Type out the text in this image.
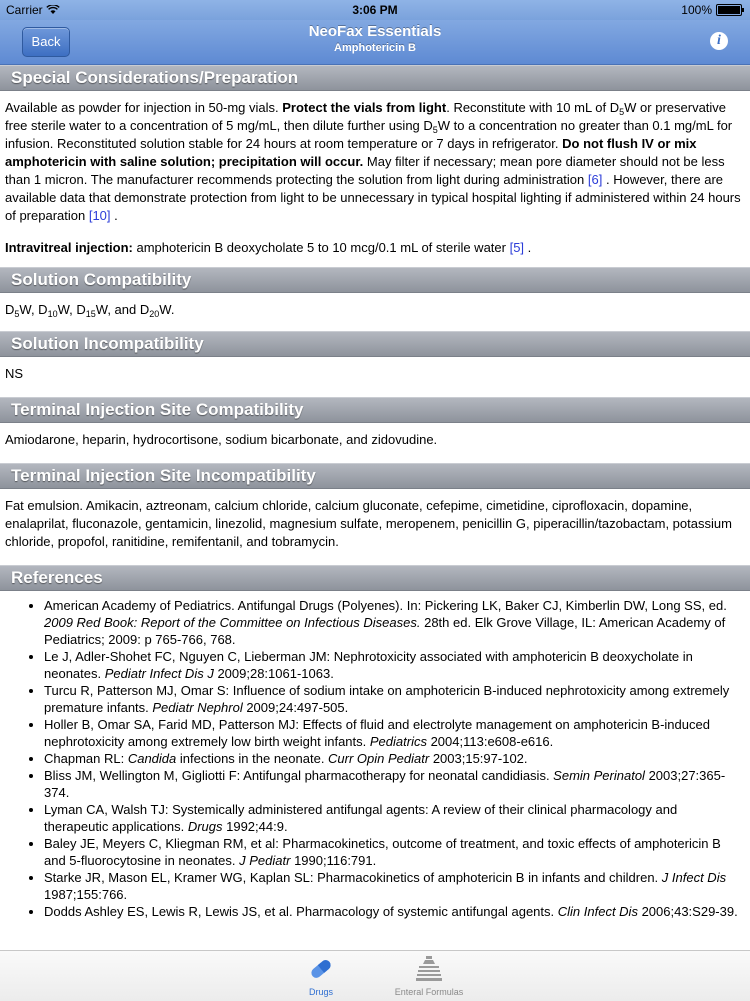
Carrier	3:06 PM	100%
Back
NeoFax Essentials
Amphotericin B	i
Special Considerations/Preparation

Available as powder for injection in 50-mg vials. Protect the vials from light. Reconstitute with 10 mL of $D_5W$ or preservative free sterile water to a concentration of 5 mg/mL, then dilute further using $D_5W$ to a concentration no greater than 0.1 mg/mL for infusion. Reconstituted solution stable for 24 hours at room temperature or 7 days in refrigerator. Do not flush IV or mix amphotericin with saline solution; precipitation will occur. May filter if necessary; mean pore diameter should not be less than 1 micron. The manufacturer recommends protecting the solution from light during administration [6] . However, there are available data that demonstrate protection from light to be unnecessary in typical hospital lighting if administered within 24 hours of preparation [10] .

Intravitreal injection: amphotericin B deoxycholate 5 to 10 mcg/0.1 mL of sterile water [5] .

Solution Compatibility

$D_5W$, $D_{10}W$, $D_{15}W$, and $D_{20}W$.

Solution Incompatibility

NS

Terminal Injection Site Compatibility

Amiodarone, heparin, hydrocortisone, sodium bicarbonate, and zidovudine.

Terminal Injection Site Incompatibility

Fat emulsion. Amikacin, aztreonam, calcium chloride, calcium gluconate, cefepime, cimetidine, ciprofloxacin, dopamine, enalaprilat, fluconazole, gentamicin, linezolid, magnesium sulfate, meropenem, penicillin G, piperacillin/tazobactam, potassium chloride, propofol, ranitidine, remifentanil, and tobramycin.

References
• American Academy of Pediatrics. Antifungal Drugs (Polyenes). In: Pickering LK, Baker CJ, Kimberlin DW, Long SS, ed. 2009 Red Book: Report of the Committee on Infectious Diseases. 28th ed. Elk Grove Village, IL: American Academy of Pediatrics; 2009: p 765-766, 768.
• Le J, Adler-Shohet FC, Nguyen C, Lieberman JM: Nephrotoxicity associated with amphotericin B deoxycholate in neonates. Pediatr Infect Dis J 2009;28:1061-1063.
• Turcu R, Patterson MJ, Omar S: Influence of sodium intake on amphotericin B-induced nephrotoxicity among extremely premature infants. Pediatr Nephrol 2009;24:497-505.
• Holler B, Omar SA, Farid MD, Patterson MJ: Effects of fluid and electrolyte management on amphotericin B-induced nephrotoxicity among extremely low birth weight infants. Pediatrics 2004;113:e608-e616.
• Chapman RL: Candida infections in the neonate. Curr Opin Pediatr 2003;15:97-102.
• Bliss JM, Wellington M, Gigliotti F: Antifungal pharmacotherapy for neonatal candidiasis. Semin Perinatol 2003;27:365-374.
• Lyman CA, Walsh TJ: Systemically administered antifungal agents: A review of their clinical pharmacology and therapeutic applications. Drugs 1992;44:9.
• Baley JE, Meyers C, Kliegman RM, et al: Pharmacokinetics, outcome of treatment, and toxic effects of amphotericin B and 5-fluorocytosine in neonates. J Pediatr 1990;116:791.
• Starke JR, Mason EL, Kramer WG, Kaplan SL: Pharmacokinetics of amphotericin B in infants and children. J Infect Dis 1987;155:766.
• Dodds Ashley ES, Lewis R, Lewis JS, et al. Pharmacology of systemic antifungal agents. Clin Infect Dis 2006;43:S29-39.
Drugs	Enteral Formulas
